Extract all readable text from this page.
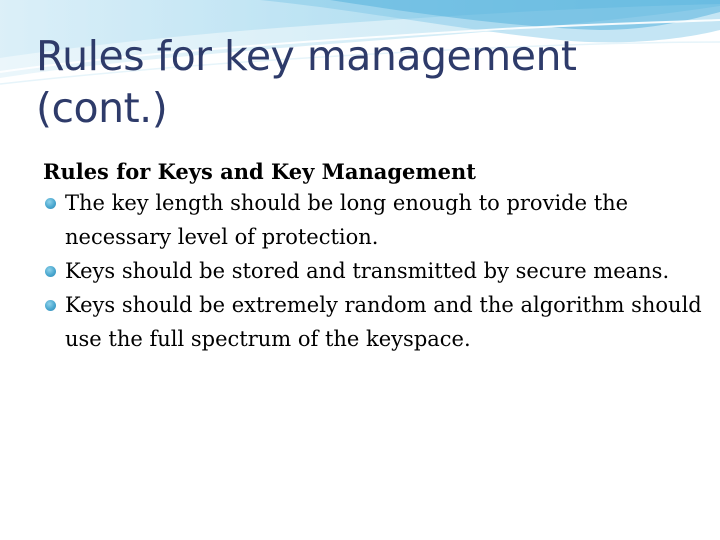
Rules for key management (cont.)

Rules for Keys and Key Management

The key length should be long enough to provide the necessary level of protection.
Keys should be stored and transmitted by secure means.
Keys should be extremely random and the algorithm should use the full spectrum of the keyspace.
